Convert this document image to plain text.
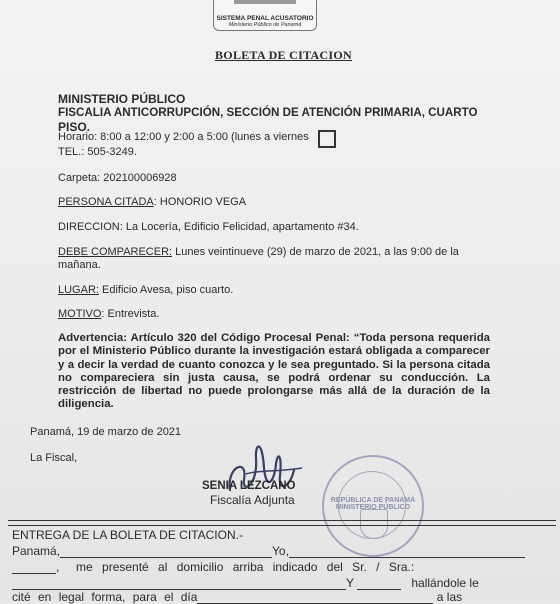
SISTEMA PENAL ACUSATORIO
Ministerio Público de Panamá
BOLETA DE CITACION
MINISTERIO PÚBLICO
FISCALIA ANTICORRUPCIÓN, SECCIÓN DE ATENCIÓN PRIMARIA, CUARTO
PISO.
Horario: 8:00 a 12:00 y 2:00 a 5:00 (lunes a viernes
TEL.: 505-3249.
Carpeta: 202100006928
PERSONA CITADA: HONORIO VEGA
DIRECCION: La Locería, Edificio Felicidad, apartamento #34.
DEBE COMPARECER: Lunes veintinueve (29) de marzo de 2021, a las 9:00 de la
mañana.
LUGAR: Edificio Avesa, piso cuarto.
MOTIVO: Entrevista.
Advertencia: Artículo 320 del Código Procesal Penal: “Toda persona requerida por el Ministerio Público durante la investigación estará obligada a comparecer y a decir la verdad de cuanto conozca y le sea preguntado. Si la persona citada no compareciera sin justa causa, se podrá ordenar su conducción. La restricción de libertad no puede prolongarse más allá de la duración de la diligencia.
Panamá, 19 de marzo de 2021
La Fiscal,
SENIA LEZCANO
Fiscalía Adjunta	REPÚBLICA DE PANAMÁ MINISTERIO PÚBLICO
ENTREGA DE LA BOLETA DE CITACION.-
Panamá,	Yo,
,     me presenté al domicilio arriba indicado del Sr. / Sra.:
Y	hallándole le
cité en legal forma, para el día	a las
